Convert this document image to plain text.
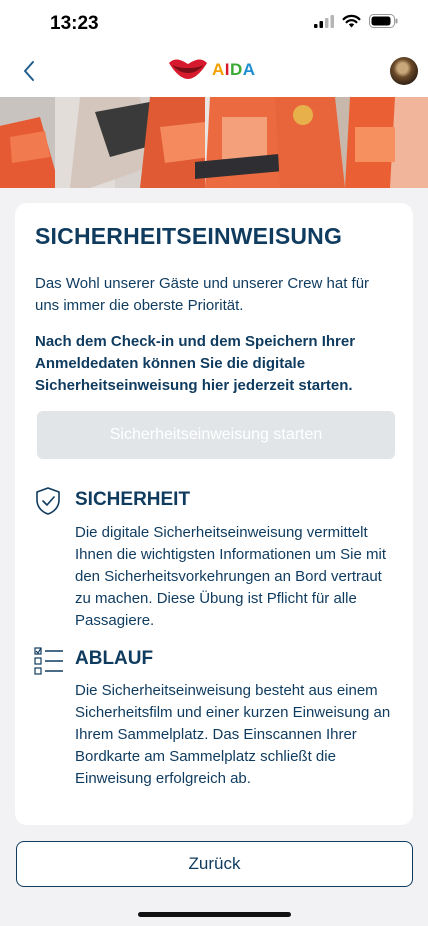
13:23
AIDA
SICHERHEITSEINWEISUNG
Das Wohl unserer Gäste und unserer Crew hat für uns immer die oberste Priorität.
Nach dem Check-in und dem Speichern Ihrer Anmeldedaten können Sie die digitale Sicherheitseinweisung hier jederzeit starten.
Sicherheitseinweisung starten
SICHERHEIT
Die digitale Sicherheitseinweisung vermittelt Ihnen die wichtigsten Informationen um Sie mit den Sicherheitsvorkehrungen an Bord vertraut zu machen. Diese Übung ist Pflicht für alle Passagiere.
ABLAUF
Die Sicherheitseinweisung besteht aus einem Sicherheitsfilm und einer kurzen Einweisung an Ihrem Sammelplatz. Das Einscannen Ihrer Bordkarte am Sammelplatz schließt die Einweisung erfolgreich ab.
Zurück
